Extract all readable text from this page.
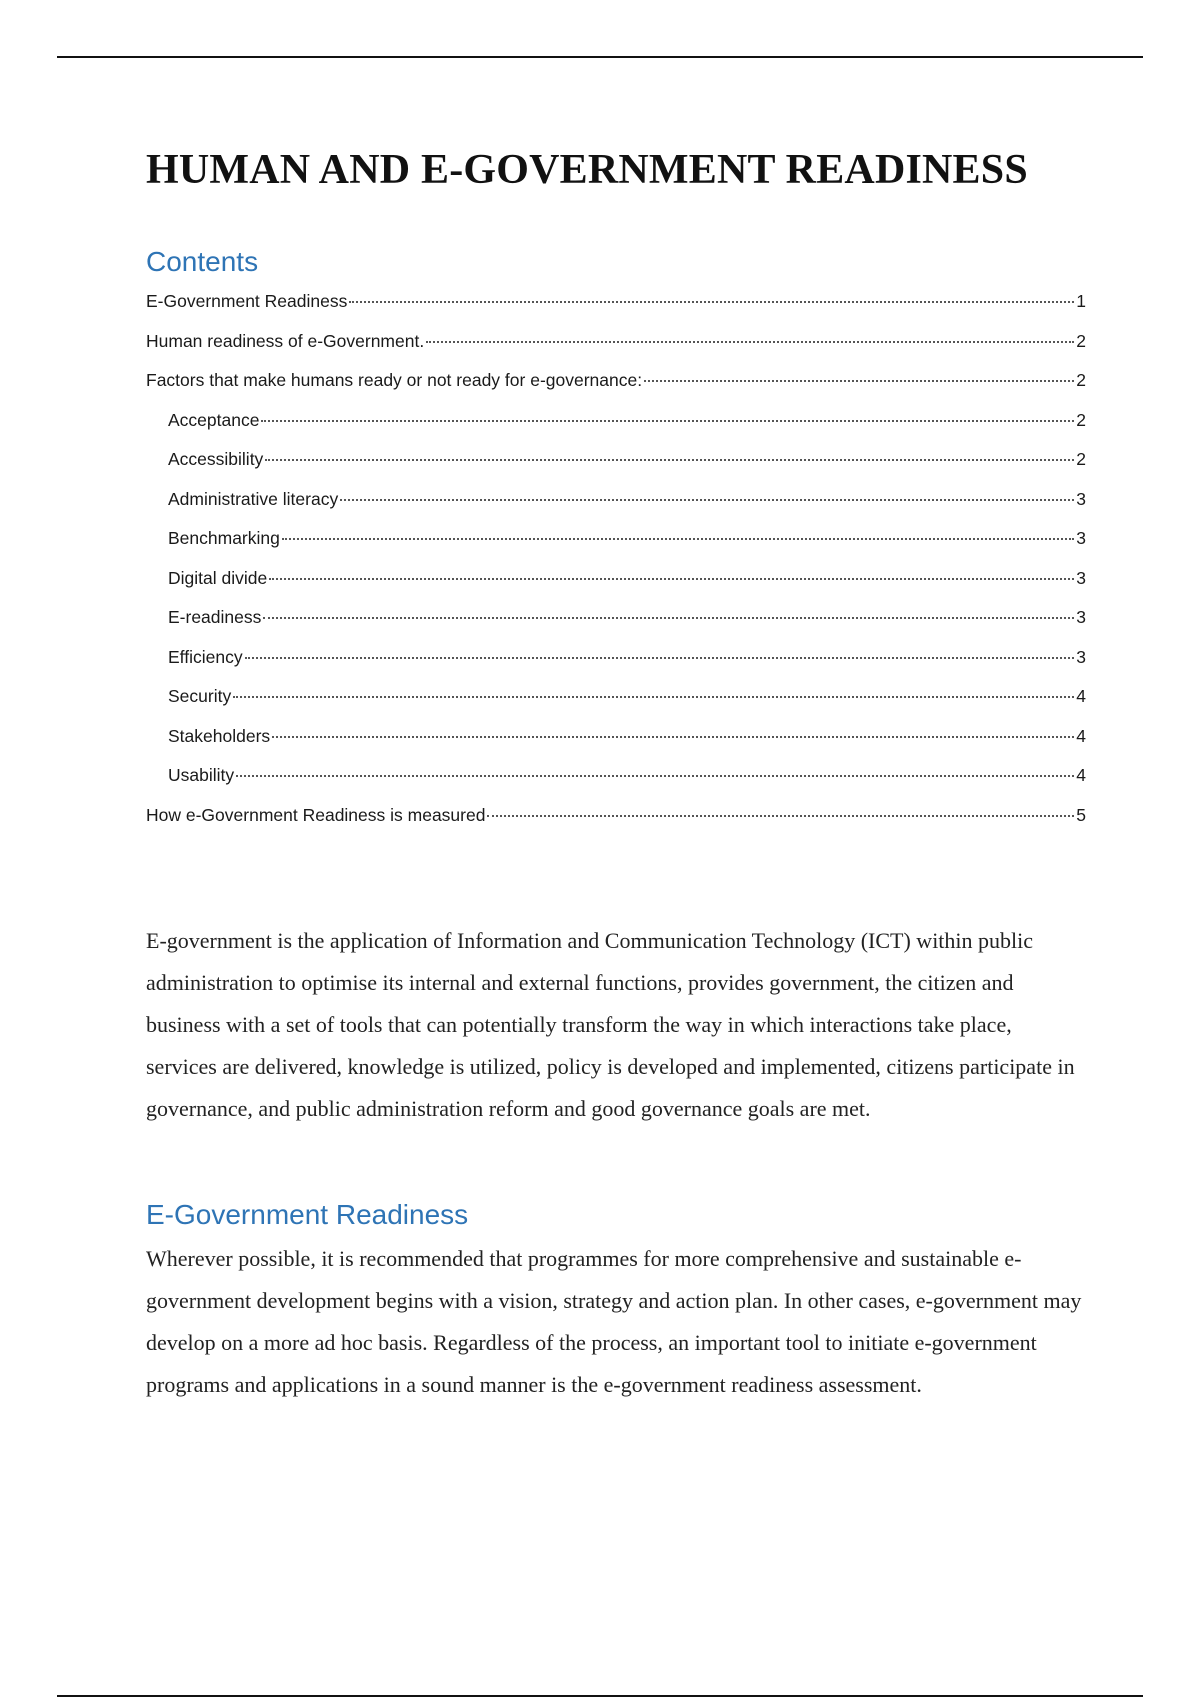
HUMAN AND E-GOVERNMENT READINESS
Contents
E-Government Readiness	1
Human readiness of e-Government.	2
Factors that make humans ready or not ready for e-governance:	2
Acceptance	2
Accessibility	2
Administrative literacy	3
Benchmarking	3
Digital divide	3
E-readiness	3
Efficiency	3
Security	4
Stakeholders	4
Usability	4
How e-Government Readiness is measured	5

E-government is the application of Information and Communication Technology (ICT) within public administration to optimise its internal and external functions, provides government, the citizen and business with a set of tools that can potentially transform the way in which interactions take place, services are delivered, knowledge is utilized, policy is developed and implemented, citizens participate in governance, and public administration reform and good governance goals are met.

E-Government Readiness

Wherever possible, it is recommended that programmes for more comprehensive and sustainable e-government development begins with a vision, strategy and action plan. In other cases, e-government may develop on a more ad hoc basis. Regardless of the process, an important tool to initiate e-government programs and applications in a sound manner is the e-government readiness assessment.
